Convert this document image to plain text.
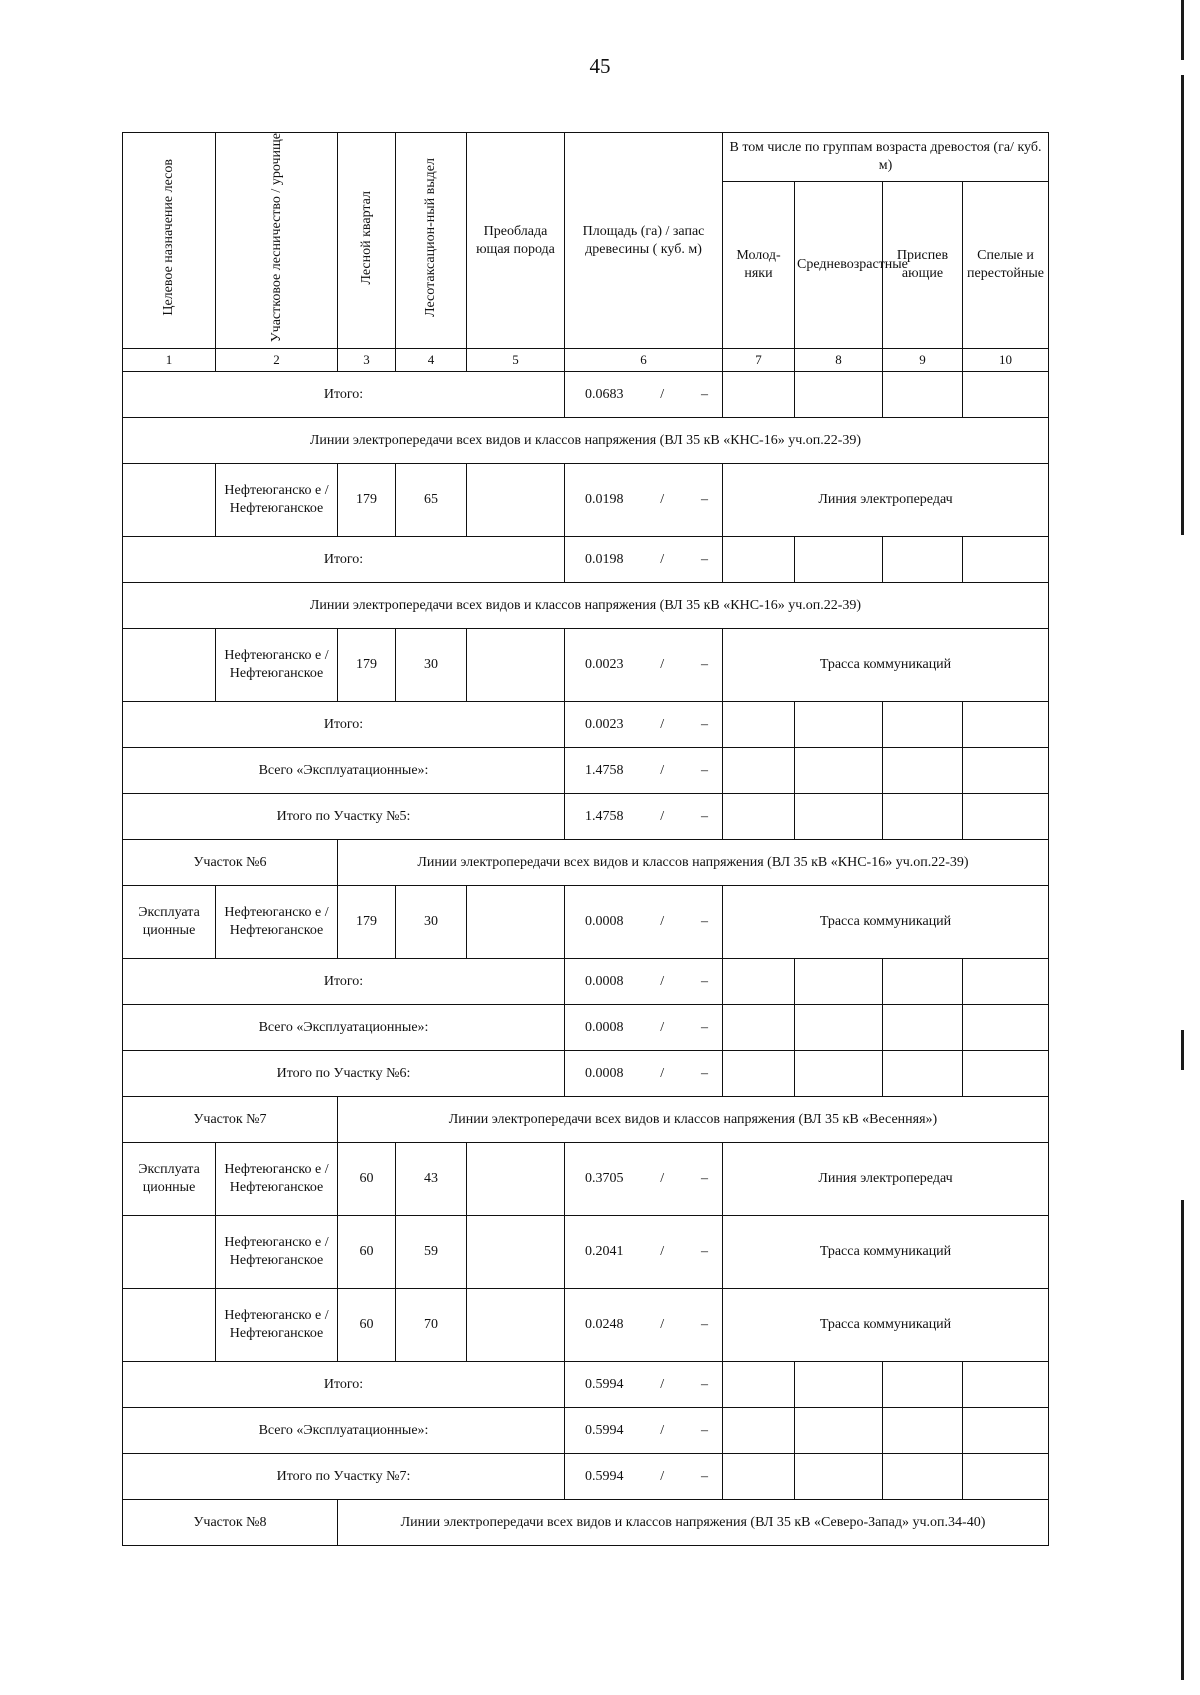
45
Целевое назначение лесов	Участковое лесничество / урочище	Лесной квартал	Лесотаксацион-ный выдел	Преоблада ющая порода	Площадь (га) / запас древесины ( куб. м)	В том числе по группам возраста древостоя (га/ куб. м)			
						Молод- няки	Средневозрастные	Приспев ающие	Спелые и перестойные
1	2	3	4	5	6	7	8	9	10
Итого:					0.0683 / –				

Линии электропередачи всех видов и классов напряжения (ВЛ 35 кВ «КНС-16» уч.оп.22-39)									
	Нефтеюганско е / Нефтеюганское	179	65		0.0198 / –	Линия электропередач			
Итого:					0.0198 / –				

Линии электропередачи всех видов и классов напряжения (ВЛ 35 кВ «КНС-16» уч.оп.22-39)									
	Нефтеюганско е / Нефтеюганское	179	30		0.0023 / –	Трасса коммуникаций			
Итого:					0.0023 / –				

Всего «Эксплуатационные»:					1.4758 / –				

Итого по Участку №5:					1.4758 / –				

Участок №6		Линии электропередачи всех видов и классов напряжения (ВЛ 35 кВ «КНС-16» уч.оп.22-39)							
Эксплуата ционные	Нефтеюганско е / Нефтеюганское	179	30		0.0008 / –	Трасса коммуникаций			
Итого:					0.0008 / –				

Всего «Эксплуатационные»:					0.0008 / –				

Итого по Участку №6:					0.0008 / –				

Участок №7		Линии электропередачи всех видов и классов напряжения (ВЛ 35 кВ «Весенняя»)							
Эксплуата ционные	Нефтеюганско е / Нефтеюганское	60	43		0.3705 / –	Линия электропередач			
	Нефтеюганско е / Нефтеюганское	60	59		0.2041 / –	Трасса коммуникаций			
	Нефтеюганско е / Нефтеюганское	60	70		0.0248 / –	Трасса коммуникаций			
Итого:					0.5994 / –				

Всего «Эксплуатационные»:					0.5994 / –				

Итого по Участку №7:					0.5994 / –				

Участок №8		Линии электропередачи всех видов и классов напряжения (ВЛ 35 кВ «Северо-Запад» уч.оп.34-40)							
